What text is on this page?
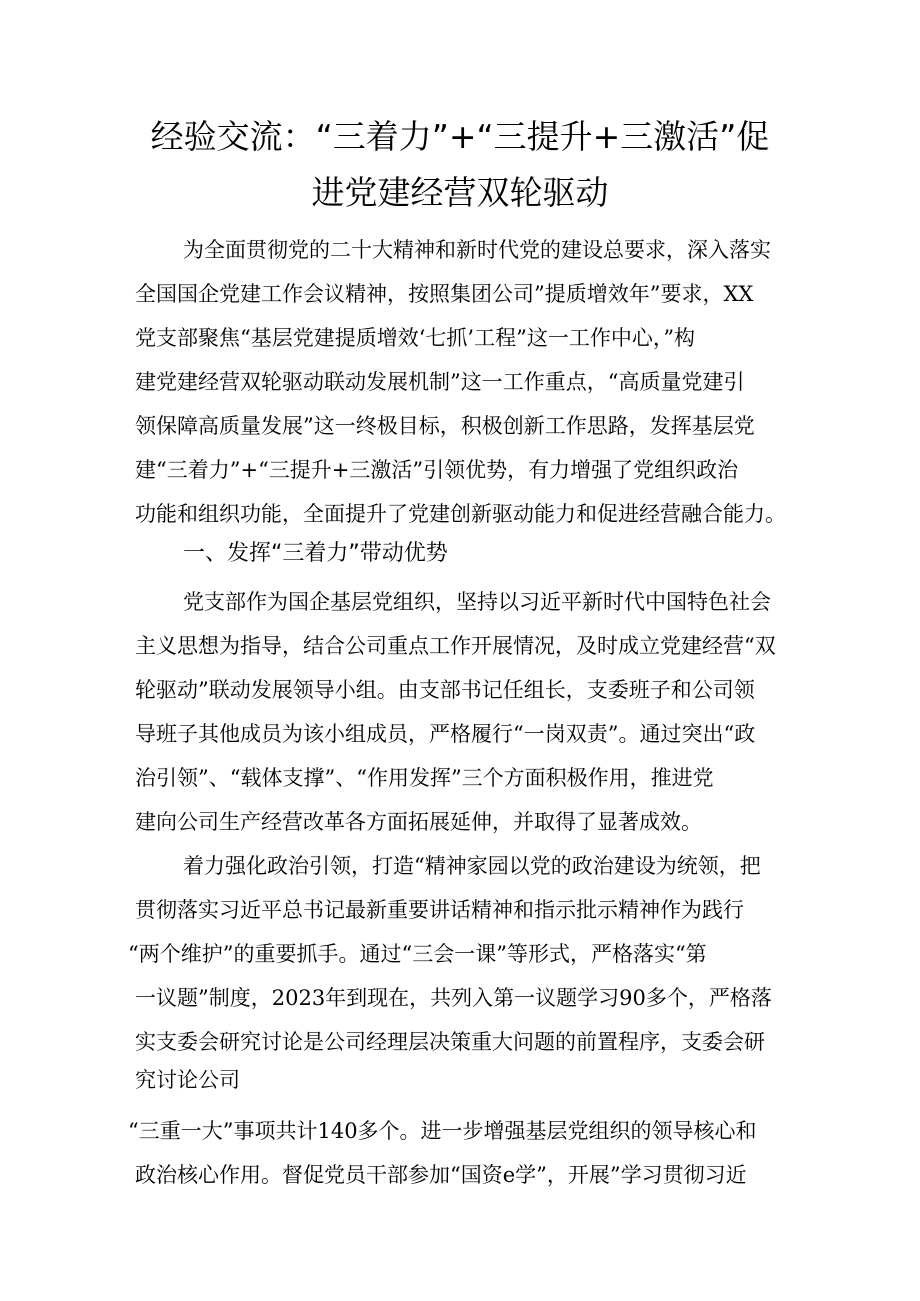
经验交流：“三着力”+“三提升+三激活”促
进党建经营双轮驱动
为全面贯彻党的二十大精神和新时代党的建设总要求，深入落实
全国国企党建工作会议精神，按照集团公司”提质增效年”要求，XX
党支部聚焦“基层党建提质增效‘七抓’工程”这一工作中心，”构
建党建经营双轮驱动联动发展机制”这一工作重点，“高质量党建引
领保障高质量发展”这一终极目标，积极创新工作思路，发挥基层党
建“三着力”+“三提升+三激活”引领优势，有力增强了党组织政治
功能和组织功能，全面提升了党建创新驱动能力和促进经营融合能力。
一、发挥“三着力”带动优势
党支部作为国企基层党组织，坚持以习近平新时代中国特色社会
主义思想为指导，结合公司重点工作开展情况，及时成立党建经营“双
轮驱动”联动发展领导小组。由支部书记任组长，支委班子和公司领
导班子其他成员为该小组成员，严格履行“一岗双责”。通过突出“政
治引领”、“载体支撑”、“作用发挥”三个方面积极作用，推进党
建向公司生产经营改革各方面拓展延伸，并取得了显著成效。
着力强化政治引领，打造“精神家园以党的政治建设为统领，把
贯彻落实习近平总书记最新重要讲话精神和指示批示精神作为践行
“两个维护”的重要抓手。通过“三会一课”等形式，严格落实“第
一议题”制度，2023年到现在，共列入第一议题学习90多个，严格落
实支委会研究讨论是公司经理层决策重大问题的前置程序，支委会研
究讨论公司
“三重一大”事项共计140多个。进一步增强基层党组织的领导核心和
政治核心作用。督促党员干部参加“国资e学”，开展”学习贯彻习近
